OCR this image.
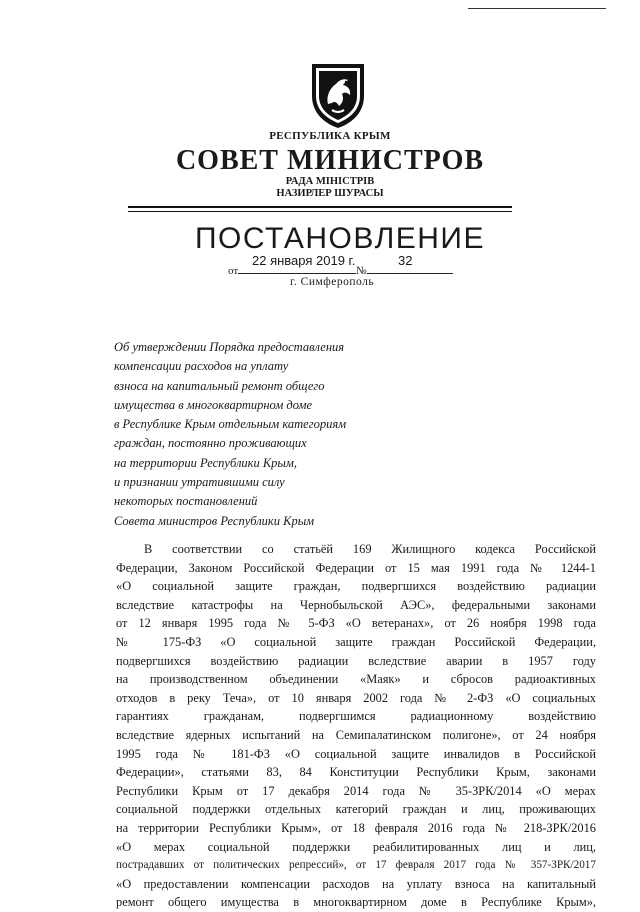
РЕСПУБЛИКА КРЫМ
СОВЕТ МИНИСТРОВ
РАДА МІНІСТРІВ
НАЗИРЛЕР ШУРАСЫ
ПОСТАНОВЛЕНИЕ
22 января 2019 г.	32
от	№
г. Симферополь
Об утверждении Порядка предоставления
компенсации расходов на уплату
взноса на капитальный ремонт общего
имущества в многоквартирном доме
в Республике Крым отдельным категориям
граждан, постоянно проживающих
на территории Республики Крым,
и признании утратившими силу
некоторых постановлений
Совета министров Республики Крым
В соответствии со статьёй 169 Жилищного кодекса Российской
Федерации, Законом Российской Федерации от 15 мая 1991 года № 1244-1
«О социальной защите граждан, подвергшихся воздействию радиации
вследствие катастрофы на Чернобыльской АЭС», федеральными законами
от 12 января 1995 года № 5-ФЗ «О ветеранах», от 26 ноября 1998 года
№ 175-ФЗ «О социальной защите граждан Российской Федерации,
подвергшихся воздействию радиации вследствие аварии в 1957 году
на производственном объединении «Маяк» и сбросов радиоактивных
отходов в реку Теча», от 10 января 2002 года № 2-ФЗ «О социальных
гарантиях гражданам, подвергшимся радиационному воздействию
вследствие ядерных испытаний на Семипалатинском полигоне», от 24 ноября
1995 года № 181-ФЗ «О социальной защите инвалидов в Российской
Федерации», статьями 83, 84 Конституции Республики Крым, законами
Республики Крым от 17 декабря 2014 года № 35-ЗРК/2014 «О мерах
социальной поддержки отдельных категорий граждан и лиц, проживающих
на территории Республики Крым», от 18 февраля 2016 года № 218-ЗРК/2016
«О мерах социальной поддержки реабилитированных лиц и лиц,
пострадавших от политических репрессий», от 17 февраля 2017 года № 357-ЗРК/2017
«О предоставлении компенсации расходов на уплату взноса на капитальный
ремонт общего имущества в многоквартирном доме в Республике Крым»,
